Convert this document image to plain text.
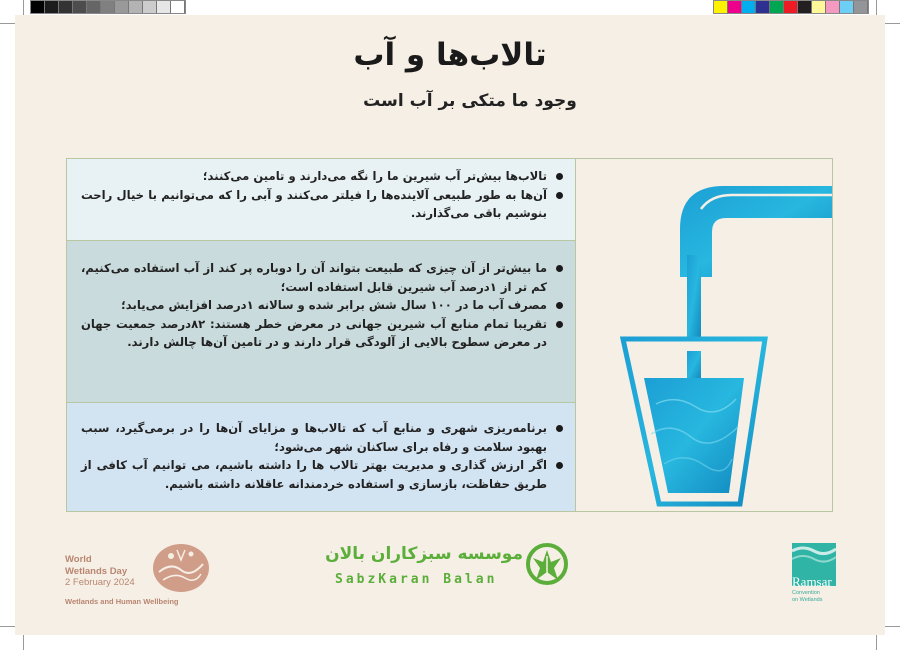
تالاب‌ها و آب
وجود ما متکی بر آب است
تالاب‌ها بیش‌تر آب شیرین ما را نگه می‌دارند و تامین می‌کنند؛
آن‌ها به طور طبیعی آلاینده‌ها را فیلتر می‌کنند و آبی را که می‌توانیم با خیال راحت بنوشیم باقی می‌گذارند.
ما بیش‌تر از آن چیزی که طبیعت بتواند آن را دوباره پر کند از آب استفاده می‌کنیم، کم تر از ۱درصد آب شیرین قابل استفاده است؛
مصرف آب ما در ۱۰۰ سال شش برابر شده و سالانه ۱درصد افزایش می‌یابد؛
تقریبا تمام منابع آب شیرین جهانی در معرض خطر هستند: ۸۲درصد جمعیت جهان در معرض سطوح بالایی از آلودگی قرار دارند و در تامین آن‌ها چالش دارند.
برنامه‌ریزی شهری و منابع آب که تالاب‌ها و مزایای آن‌ها را در برمی‌گیرد، سبب بهبود سلامت و رفاه برای ساکنان شهر می‌شود؛
اگر ارزش گذاری و مدیریت بهتر تالاب ها را داشته باشیم، می توانیم آب کافی از طریق حفاظت، بازسازی و استفاده خردمندانه عاقلانه داشته باشیم.
World
Wetlands Day
2 February 2024
Wetlands and Human Wellbeing
موسسه سبزکاران بالان
SabzKaran Balan	Ramsar
Convention
on Wetlands
